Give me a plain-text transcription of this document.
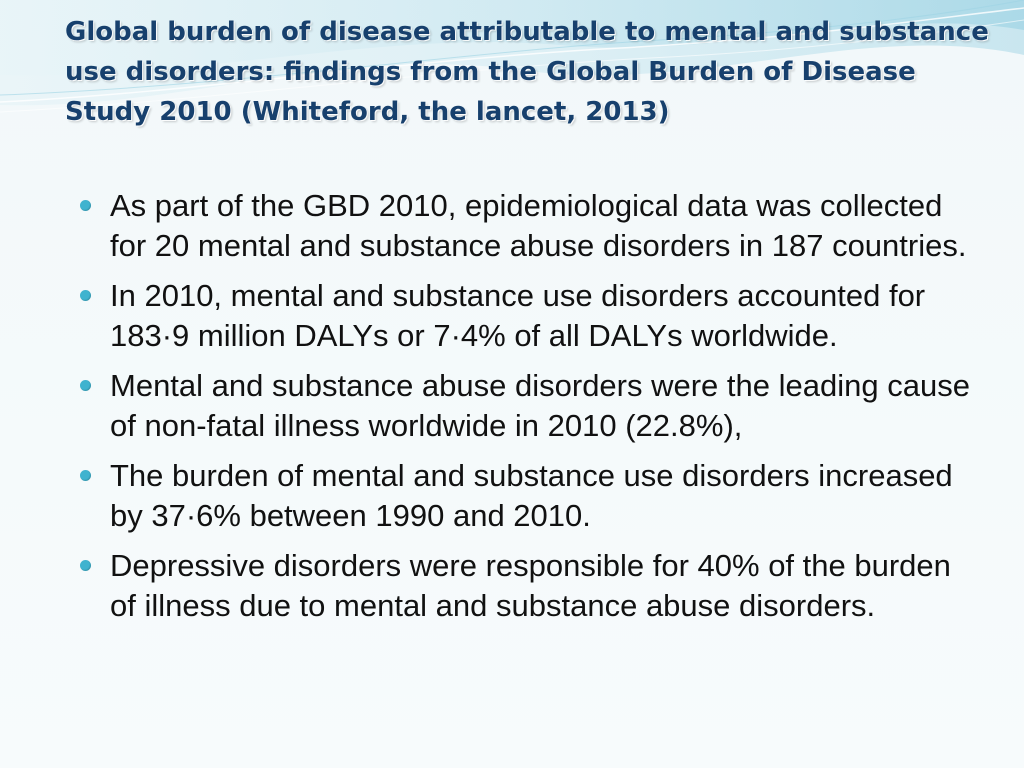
Global burden of disease attributable to mental and substance use disorders: findings from the Global Burden of Disease Study 2010 (Whiteford, the lancet, 2013)
As part of the GBD 2010, epidemiological data was collected for 20 mental and substance abuse disorders in 187 countries.
In 2010, mental and substance use disorders accounted for 183·9 million DALYs or 7·4% of all DALYs worldwide.
Mental and substance abuse disorders were the leading cause of non-fatal illness worldwide in 2010 (22.8%),
The burden of mental and substance use disorders increased by 37·6% between 1990 and 2010.
Depressive disorders were responsible for 40% of the burden of illness due to mental and substance abuse disorders.
